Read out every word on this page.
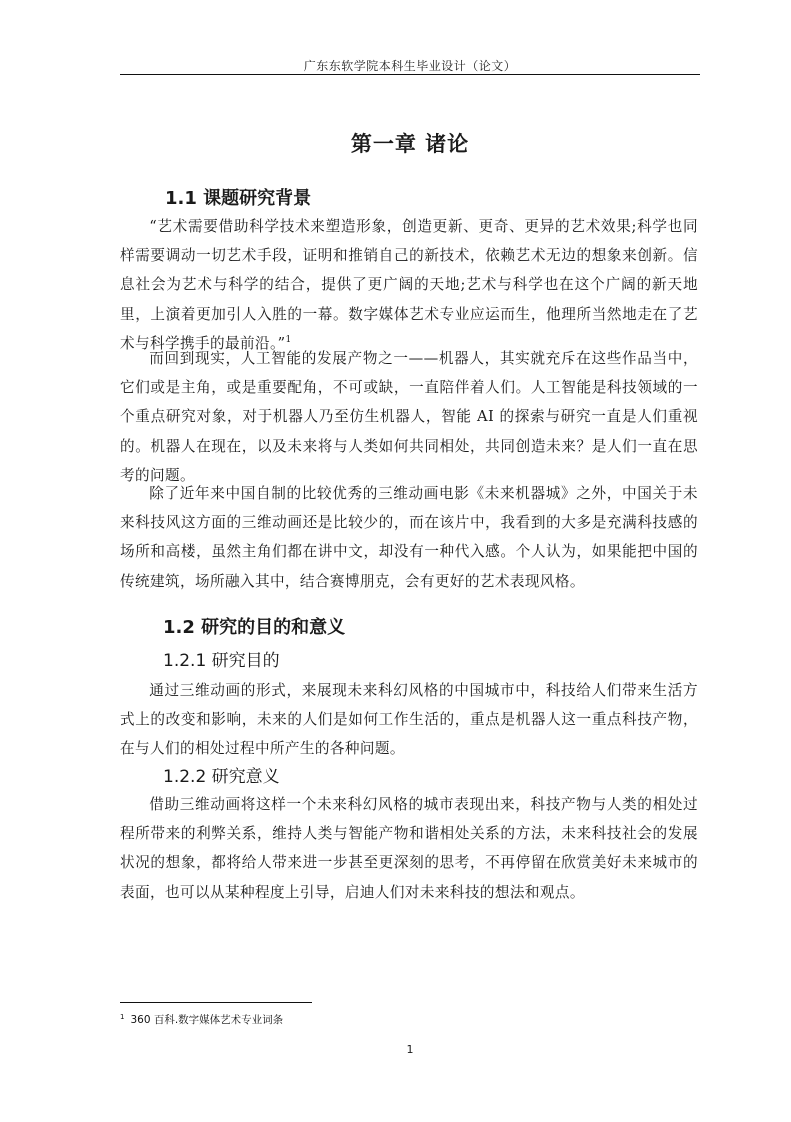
广东东软学院本科生毕业设计（论文）
第一章 诸论
1.1 课题研究背景

“艺术需要借助科学技术来塑造形象，创造更新、更奇、更异的艺术效果;科学也同样需要调动一切艺术手段，证明和推销自己的新技术，依赖艺术无边的想象来创新。信息社会为艺术与科学的结合，提供了更广阔的天地;艺术与科学也在这个广阔的新天地里，上演着更加引人入胜的一幕。数字媒体艺术专业应运而生，他理所当然地走在了艺术与科学携手的最前沿。”$^1$

而回到现实，人工智能的发展产物之一——机器人，其实就充斥在这些作品当中，它们或是主角，或是重要配角，不可或缺，一直陪伴着人们。人工智能是科技领域的一个重点研究对象，对于机器人乃至仿生机器人，智能 AI 的探索与研究一直是人们重视的。机器人在现在，以及未来将与人类如何共同相处，共同创造未来？是人们一直在思考的问题。

除了近年来中国自制的比较优秀的三维动画电影《未来机器城》之外，中国关于未来科技风这方面的三维动画还是比较少的，而在该片中，我看到的大多是充满科技感的场所和高楼，虽然主角们都在讲中文，却没有一种代入感。个人认为，如果能把中国的传统建筑，场所融入其中，结合赛博朋克，会有更好的艺术表现风格。

1.2 研究的目的和意义
1.2.1 研究目的

通过三维动画的形式，来展现未来科幻风格的中国城市中，科技给人们带来生活方式上的改变和影响，未来的人们是如何工作生活的，重点是机器人这一重点科技产物，在与人们的相处过程中所产生的各种问题。

1.2.2 研究意义

借助三维动画将这样一个未来科幻风格的城市表现出来，科技产物与人类的相处过程所带来的利弊关系，维持人类与智能产物和谐相处关系的方法，未来科技社会的发展状况的想象，都将给人带来进一步甚至更深刻的思考，不再停留在欣赏美好未来城市的表面，也可以从某种程度上引导，启迪人们对未来科技的想法和观点。

$^1$ 360 百科.数字媒体艺术专业词条
1
